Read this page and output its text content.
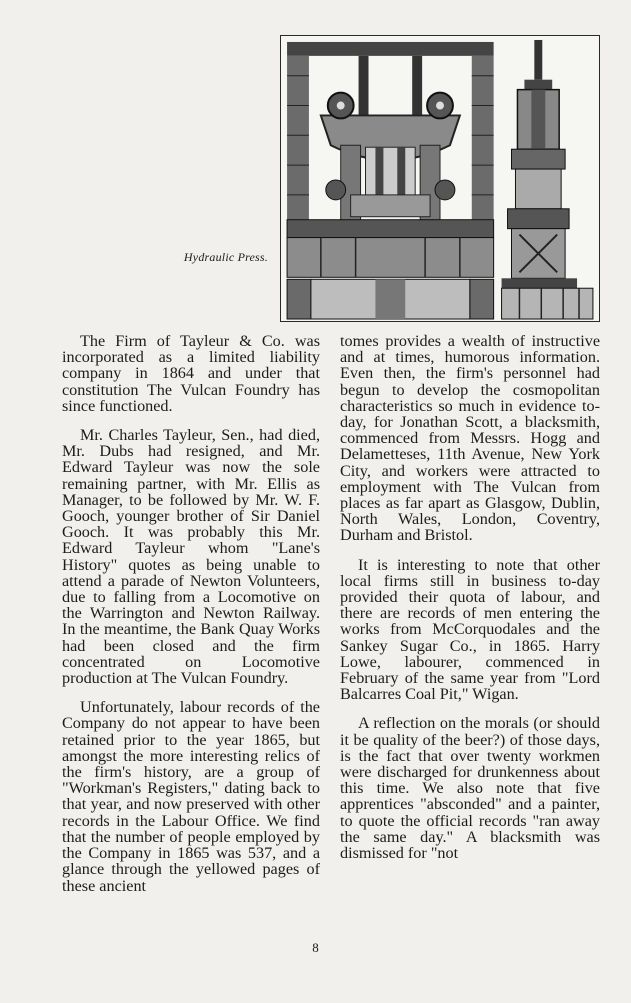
Hydraulic Press.

The Firm of Tayleur & Co. was incorporated as a limited liability company in 1864 and under that constitution The Vulcan Foundry has since functioned.

Mr. Charles Tayleur, Sen., had died, Mr. Dubs had resigned, and Mr. Edward Tayleur was now the sole remaining partner, with Mr. Ellis as Manager, to be followed by Mr. W. F. Gooch, younger brother of Sir Daniel Gooch. It was probably this Mr. Edward Tayleur whom "Lane's History" quotes as being unable to attend a parade of Newton Volunteers, due to falling from a Locomotive on the Warrington and Newton Railway. In the meantime, the Bank Quay Works had been closed and the firm concentrated on Locomotive production at The Vulcan Foundry.

Unfortunately, labour records of the Company do not appear to have been retained prior to the year 1865, but amongst the more interesting relics of the firm's history, are a group of "Workman's Registers," dating back to that year, and now preserved with other records in the Labour Office. We find that the number of people employed by the Company in 1865 was 537, and a glance through the yellowed pages of these ancient

tomes provides a wealth of instructive and at times, humorous information. Even then, the firm's personnel had begun to develop the cosmopolitan characteristics so much in evidence to-day, for Jonathan Scott, a blacksmith, commenced from Messrs. Hogg and Delametteses, 11th Avenue, New York City, and workers were attracted to employment with The Vulcan from places as far apart as Glasgow, Dublin, North Wales, London, Coventry, Durham and Bristol.

It is interesting to note that other local firms still in business to-day provided their quota of labour, and there are records of men entering the works from McCorquodales and the Sankey Sugar Co., in 1865. Harry Lowe, labourer, commenced in February of the same year from "Lord Balcarres Coal Pit," Wigan.

A reflection on the morals (or should it be quality of the beer?) of those days, is the fact that over twenty workmen were discharged for drunkenness about this time. We also note that five apprentices "absconded" and a painter, to quote the official records "ran away the same day." A blacksmith was dismissed for "not

8
